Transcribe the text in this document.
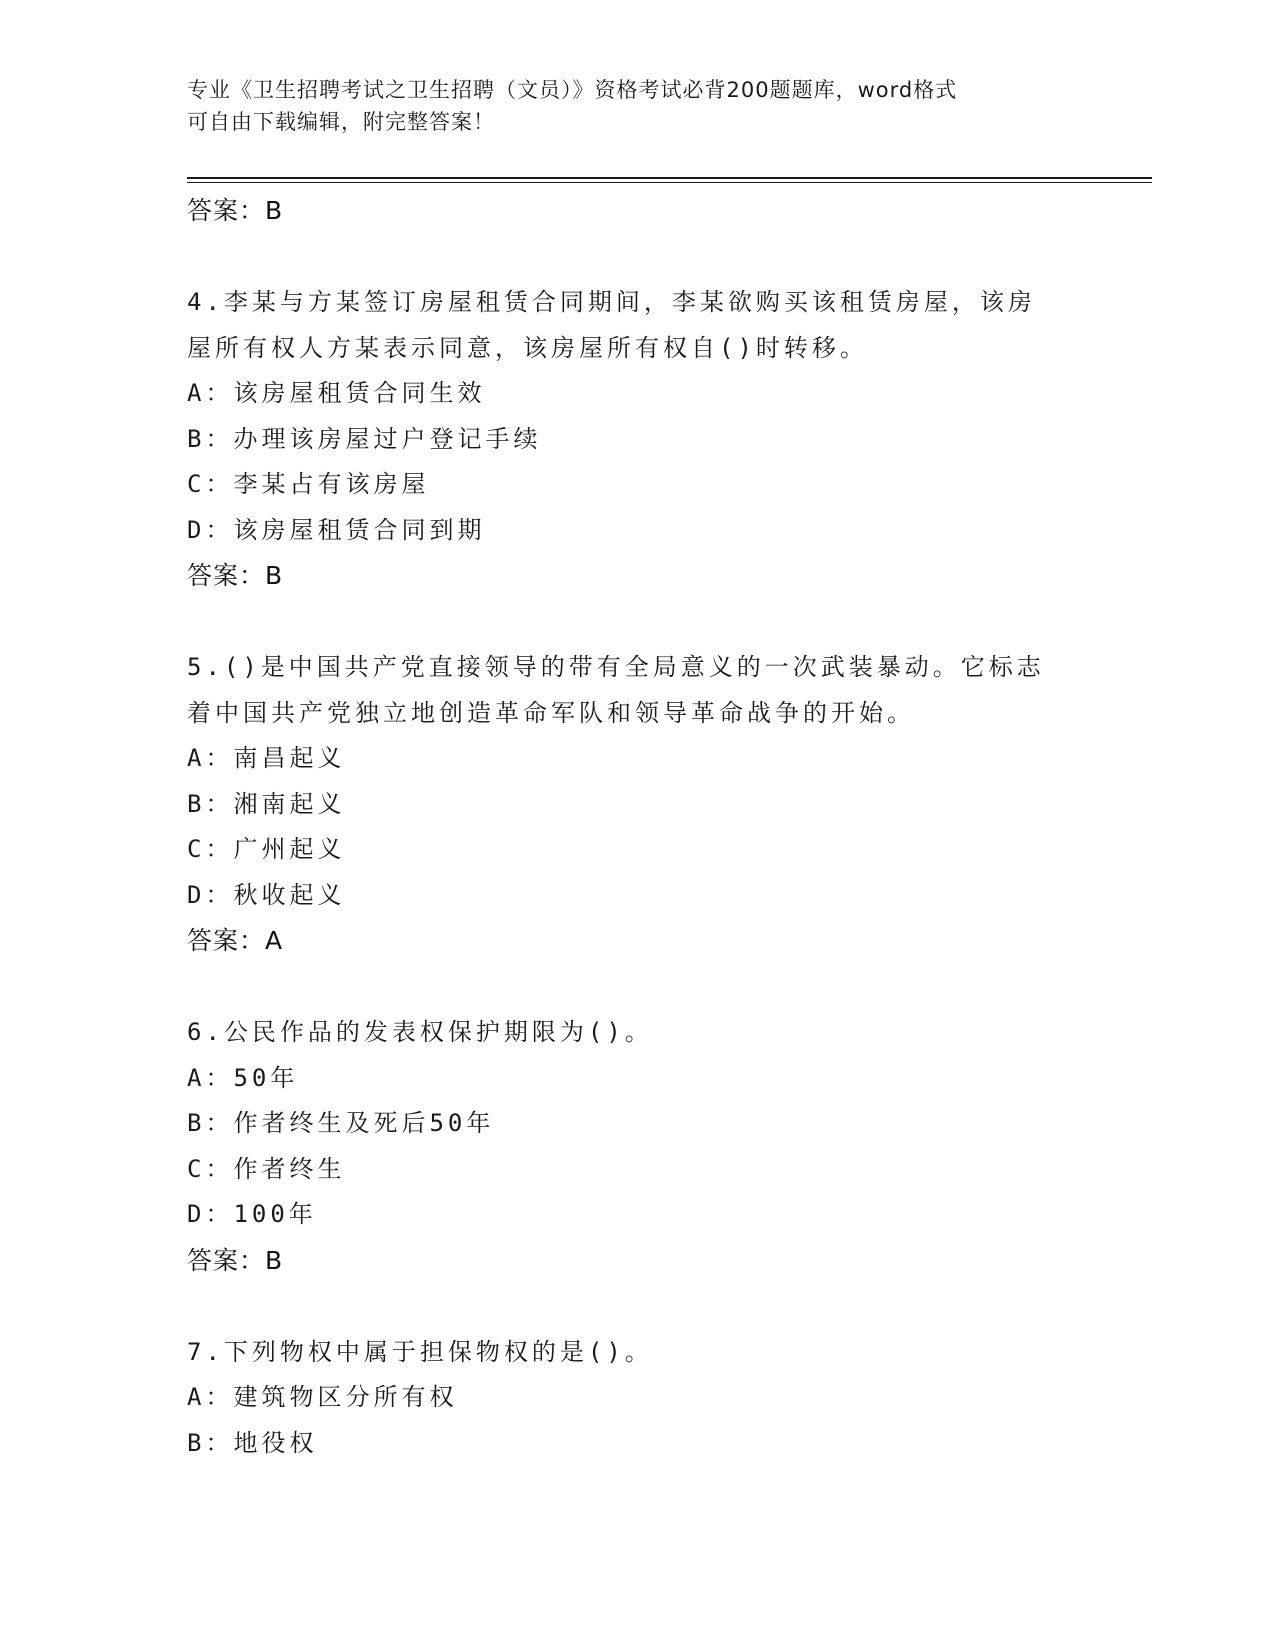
专业《卫生招聘考试之卫生招聘（文员）》资格考试必背200题题库，word格式
可自由下载编辑，附完整答案！
答案：B
4.李某与方某签订房屋租赁合同期间，李某欲购买该租赁房屋，该房
屋所有权人方某表示同意，该房屋所有权自()时转移。
A：该房屋租赁合同生效
B：办理该房屋过户登记手续
C：李某占有该房屋
D：该房屋租赁合同到期
答案：B
5.()是中国共产党直接领导的带有全局意义的一次武装暴动。它标志
着中国共产党独立地创造革命军队和领导革命战争的开始。
A：南昌起义
B：湘南起义
C：广州起义
D：秋收起义
答案：A
6.公民作品的发表权保护期限为()。
A：50年
B：作者终生及死后50年
C：作者终生
D：100年
答案：B
7.下列物权中属于担保物权的是()。
A：建筑物区分所有权
B：地役权
